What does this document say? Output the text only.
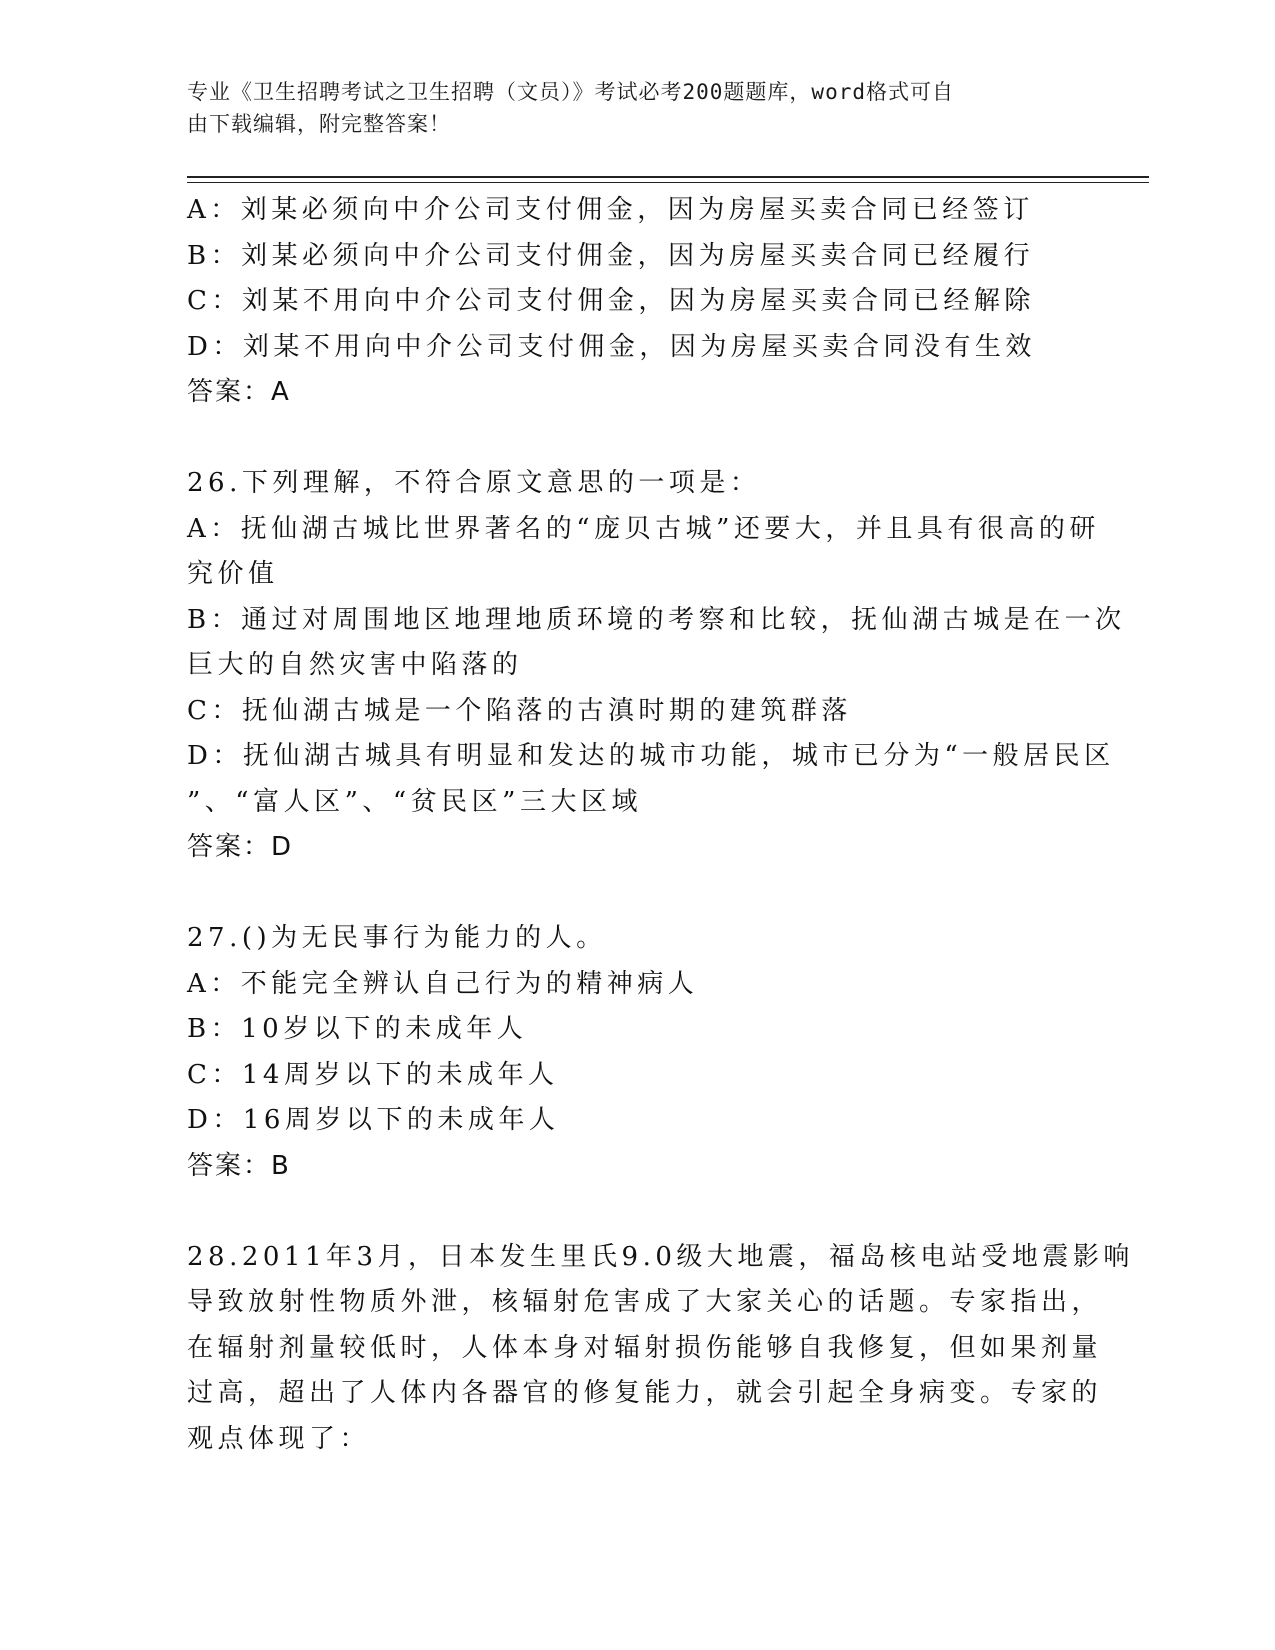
专业《卫生招聘考试之卫生招聘（文员）》考试必考200题题库，word格式可自
由下载编辑，附完整答案！
A：刘某必须向中介公司支付佣金，因为房屋买卖合同已经签订
B：刘某必须向中介公司支付佣金，因为房屋买卖合同已经履行
C：刘某不用向中介公司支付佣金，因为房屋买卖合同已经解除
D：刘某不用向中介公司支付佣金，因为房屋买卖合同没有生效
答案：A
26.下列理解，不符合原文意思的一项是：
A：抚仙湖古城比世界著名的“庞贝古城”还要大，并且具有很高的研
究价值
B：通过对周围地区地理地质环境的考察和比较，抚仙湖古城是在一次
巨大的自然灾害中陷落的
C：抚仙湖古城是一个陷落的古滇时期的建筑群落
D：抚仙湖古城具有明显和发达的城市功能，城市已分为“一般居民区
”、“富人区”、“贫民区”三大区域
答案：D
27.()为无民事行为能力的人。
A：不能完全辨认自己行为的精神病人
B：10岁以下的未成年人
C：14周岁以下的未成年人
D：16周岁以下的未成年人
答案：B
28.2011年3月，日本发生里氏9.0级大地震，福岛核电站受地震影响
导致放射性物质外泄，核辐射危害成了大家关心的话题。专家指出，
在辐射剂量较低时，人体本身对辐射损伤能够自我修复，但如果剂量
过高，超出了人体内各器官的修复能力，就会引起全身病变。专家的
观点体现了：
